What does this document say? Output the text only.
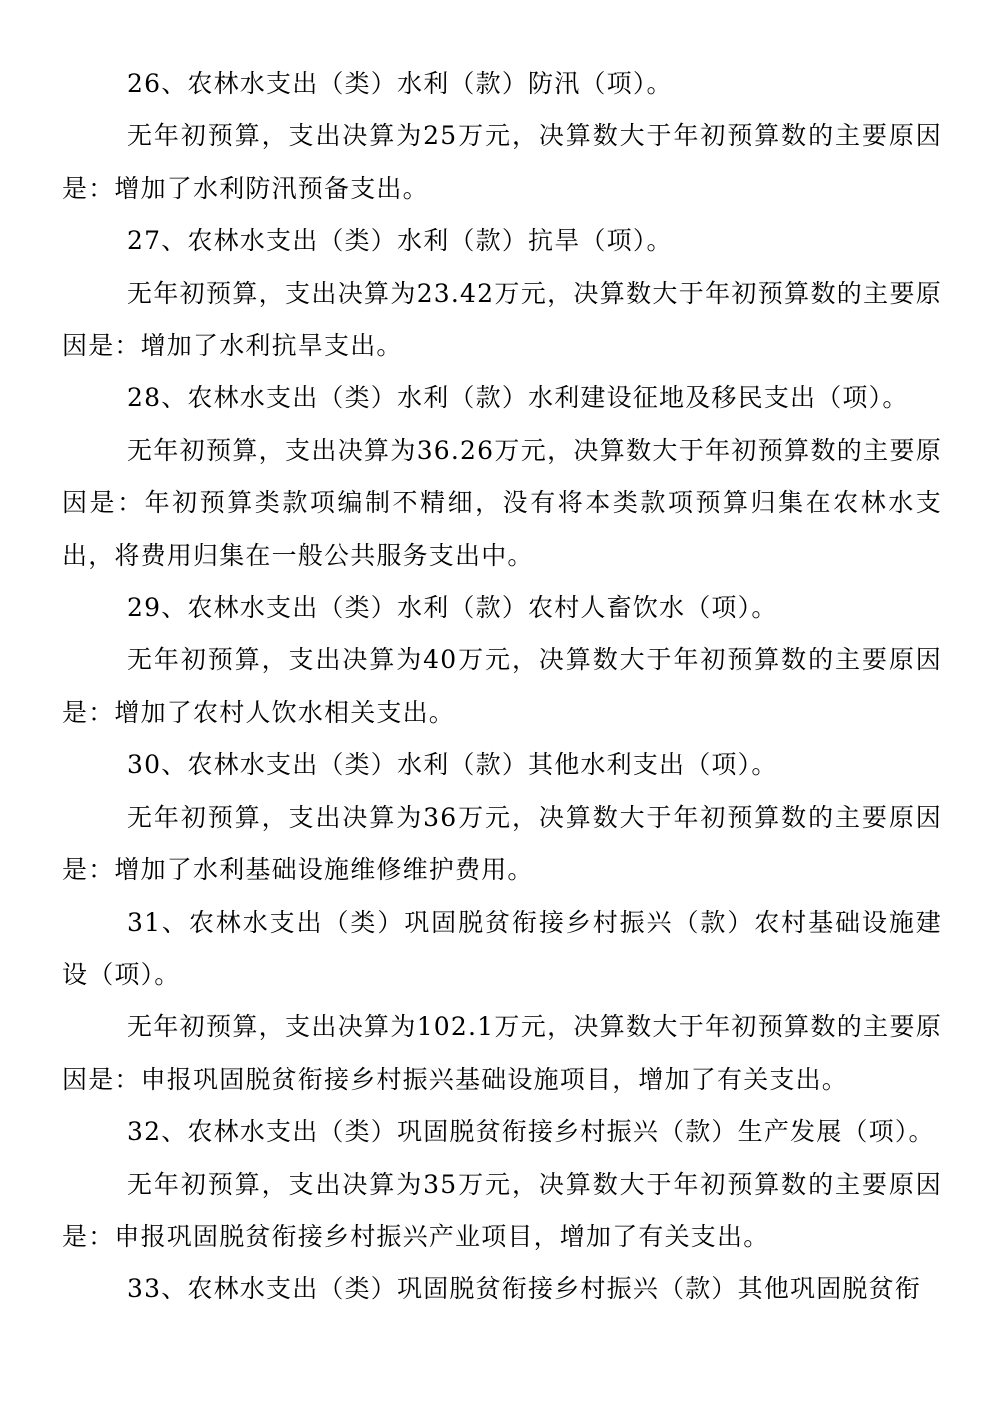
26、农林水支出（类）水利（款）防汛（项）。

无年初预算，支出决算为25万元，决算数大于年初预算数的主要原因是：增加了水利防汛预备支出。

27、农林水支出（类）水利（款）抗旱（项）。

无年初预算，支出决算为23.42万元，决算数大于年初预算数的主要原因是：增加了水利抗旱支出。

28、农林水支出（类）水利（款）水利建设征地及移民支出（项）。

无年初预算，支出决算为36.26万元，决算数大于年初预算数的主要原因是：年初预算类款项编制不精细，没有将本类款项预算归集在农林水支出，将费用归集在一般公共服务支出中。

29、农林水支出（类）水利（款）农村人畜饮水（项）。

无年初预算，支出决算为40万元，决算数大于年初预算数的主要原因是：增加了农村人饮水相关支出。

30、农林水支出（类）水利（款）其他水利支出（项）。

无年初预算，支出决算为36万元，决算数大于年初预算数的主要原因是：增加了水利基础设施维修维护费用。

31、农林水支出（类）巩固脱贫衔接乡村振兴（款）农村基础设施建设（项）。

无年初预算，支出决算为102.1万元，决算数大于年初预算数的主要原因是：申报巩固脱贫衔接乡村振兴基础设施项目，增加了有关支出。

32、农林水支出（类）巩固脱贫衔接乡村振兴（款）生产发展（项）。

无年初预算，支出决算为35万元，决算数大于年初预算数的主要原因是：申报巩固脱贫衔接乡村振兴产业项目，增加了有关支出。

33、农林水支出（类）巩固脱贫衔接乡村振兴（款）其他巩固脱贫衔
